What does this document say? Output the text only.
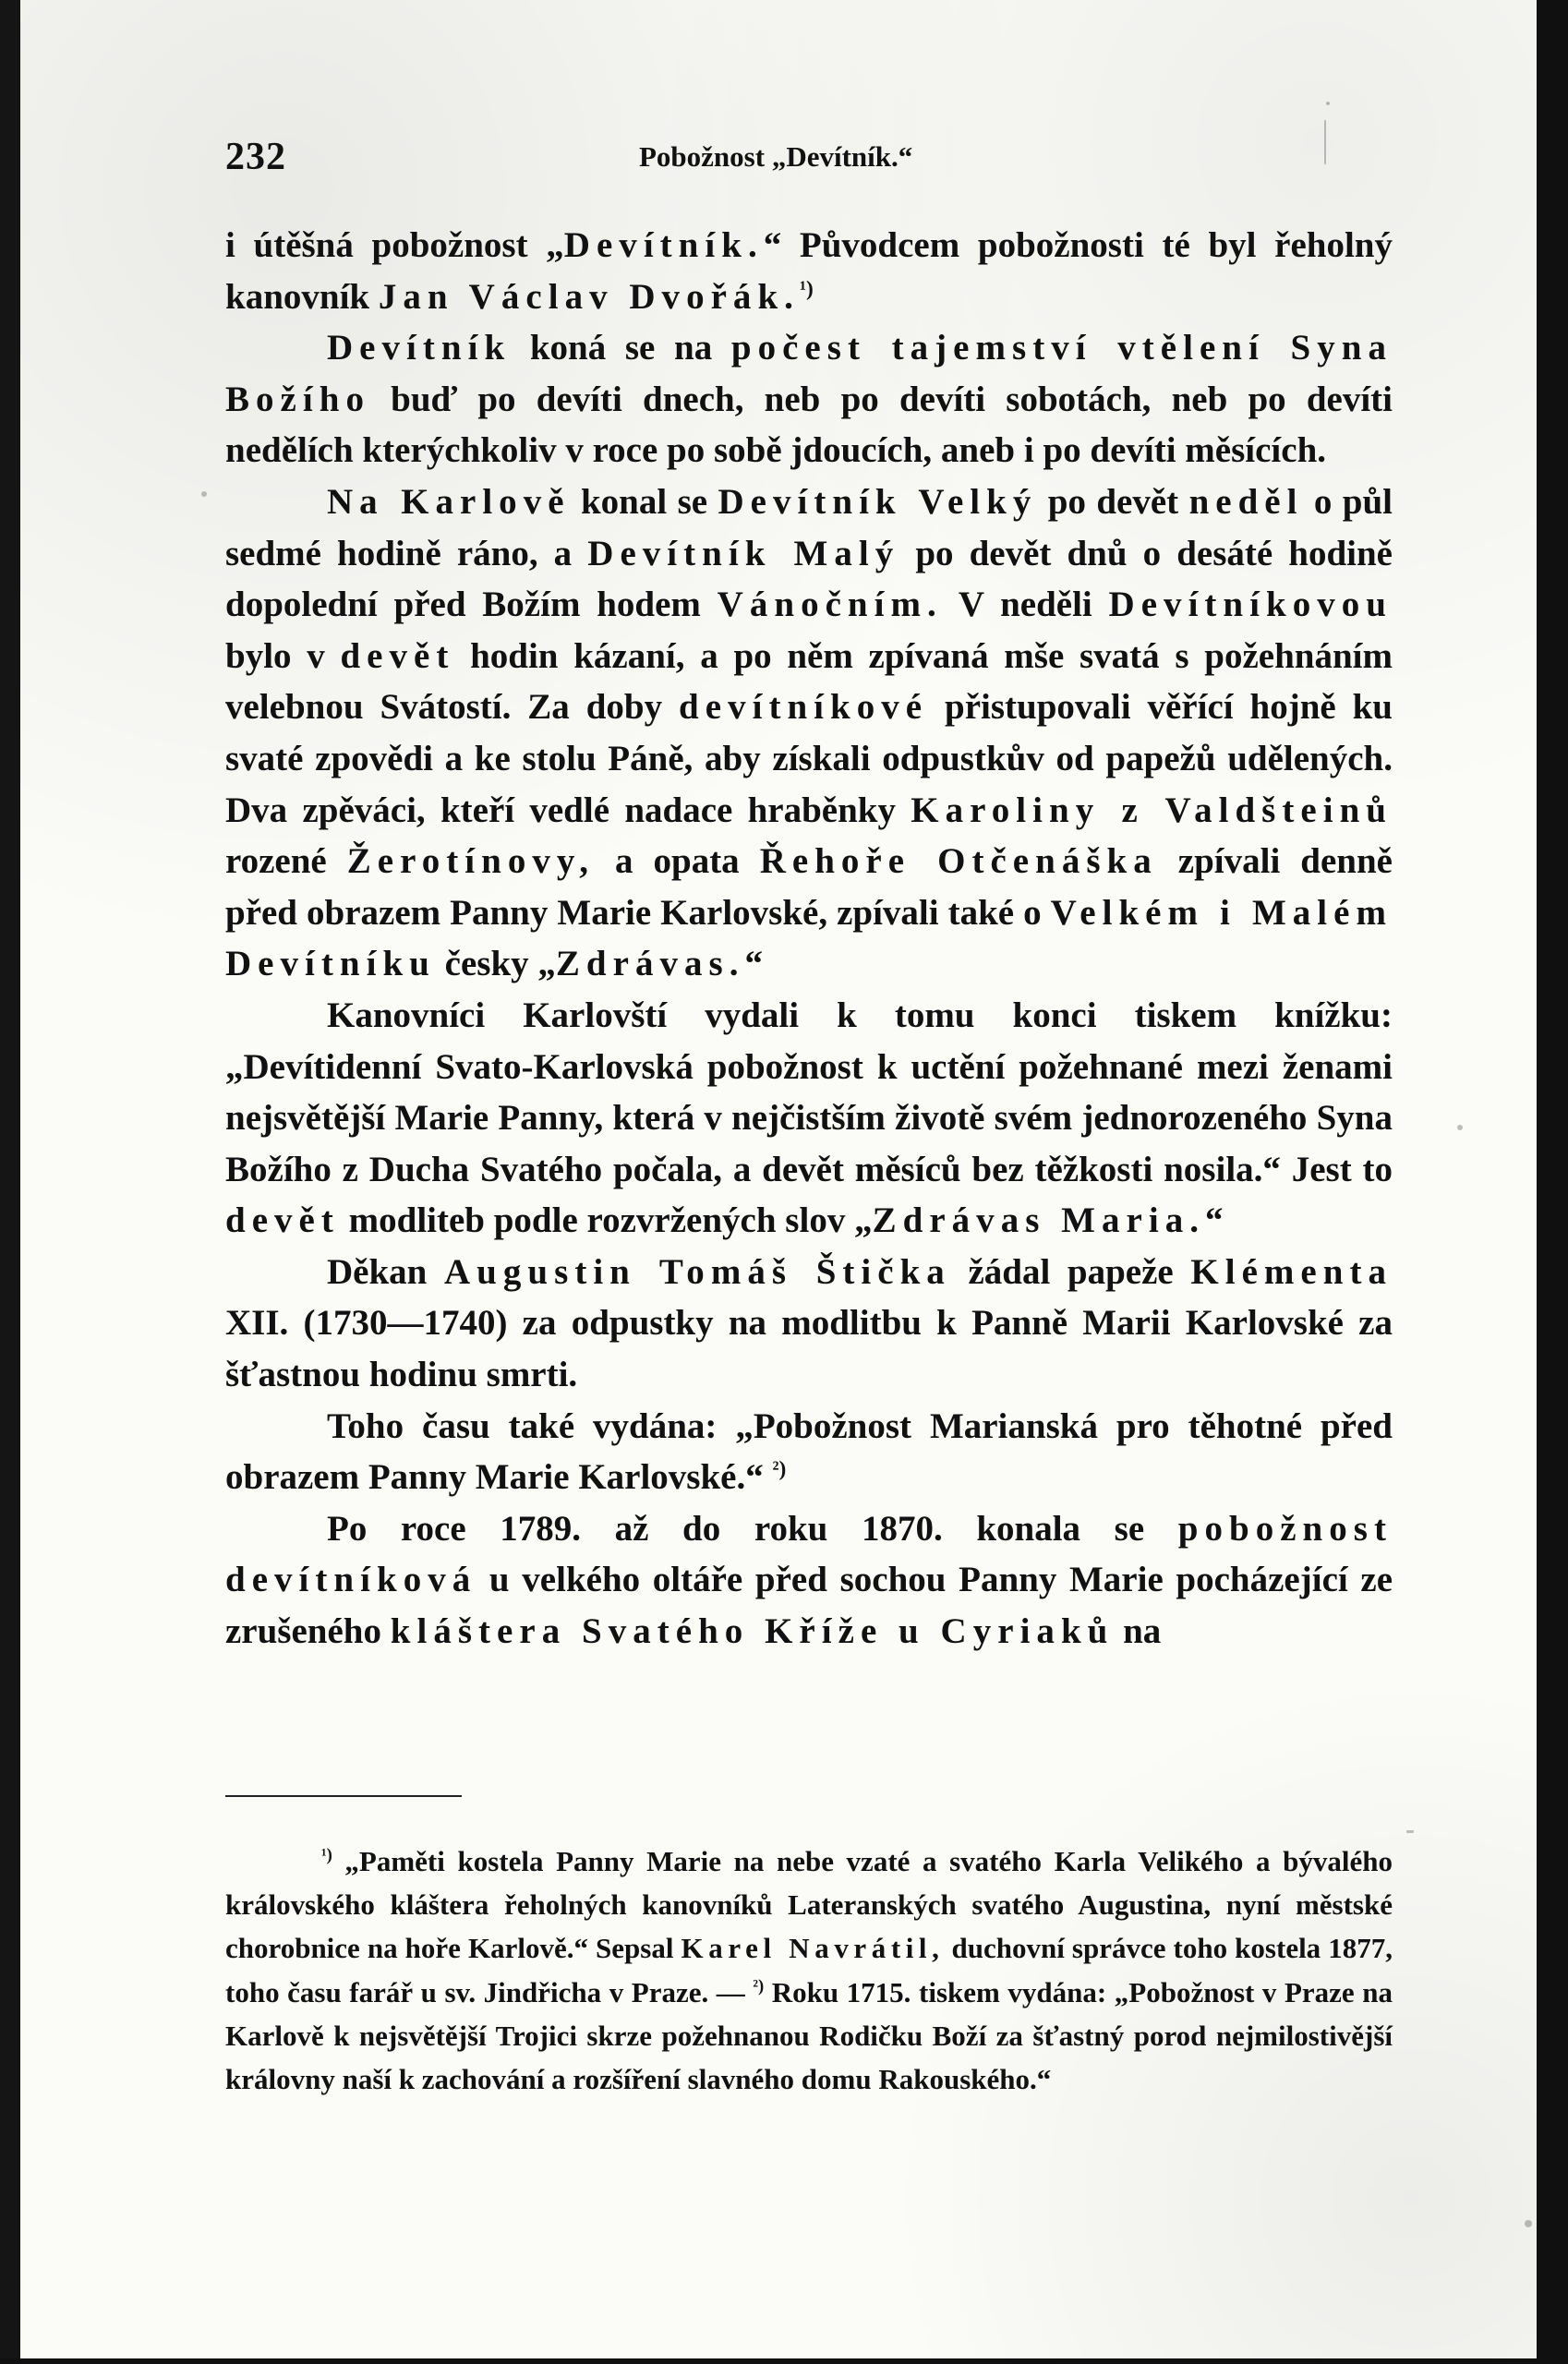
232	Pobožnost „Devítník.“

i útěšná pobožnost „Devítník.“ Původcem pobožnosti té byl řeholný kanovník Jan Václav Dvořák.$^{^1)}$

Devítník koná se na počest tajemství vtělení Syna Božího buď po devíti dnech, neb po devíti sobotách, neb po devíti nedělích kterýchkoliv v roce po sobě jdoucích, aneb i po devíti měsících.

Na Karlově konal se Devítník Velký po devět neděl o půl sedmé hodině ráno, a Devítník Malý po devět dnů o desáté hodině dopolední před Božím hodem Vánočním. V neděli Devítníkovou bylo v devět hodin kázaní, a po něm zpívaná mše svatá s požehnáním velebnou Svátostí. Za doby devítníkové přistupovali věřící hojně ku svaté zpovědi a ke stolu Páně, aby získali odpustkův od papežů udělených. Dva zpěváci, kteří vedlé nadace hraběnky Karoliny z Valdšteinů rozené Žerotínovy, a opata Řehoře Otčenáška zpívali denně před obrazem Panny Marie Karlovské, zpívali také o Velkém i Malém Devítníku česky „Zdrávas.“

Kanovníci Karlovští vydali k tomu konci tiskem knížku: „Devítidenní Svato-Karlovská pobožnost k uctění požehnané mezi ženami nejsvětější Marie Panny, která v nejčistším životě svém jednorozeného Syna Božího z Ducha Svatého počala, a devět měsíců bez těžkosti nosila.“ Jest to devět modliteb podle rozvržených slov „Zdrávas Maria.“

Děkan Augustin Tomáš Štička žádal papeže Klémenta XII. (1730—1740) za odpustky na modlitbu k Panně Marii Karlovské za šťastnou hodinu smrti.

Toho času také vydána: „Pobožnost Marianská pro těhotné před obrazem Panny Marie Karlovské.“ $^{^2)}$

Po roce 1789. až do roku 1870. konala se pobožnost devítníková u velkého oltáře před sochou Panny Marie pocházející ze zrušeného kláštera Svatého Kříže u Cyriaků na

$^{^1)}$ „Paměti kostela Panny Marie na nebe vzaté a svatého Karla Velikého a bývalého královského kláštera řeholných kanovníků Lateranských svatého Augustina, nyní městské chorobnice na hoře Karlově.“ Sepsal Karel Navrátil, duchovní správce toho kostela 1877, toho času farář u sv. Jindřicha v Praze. — $^{^2)}$ Roku 1715. tiskem vydána: „Pobožnost v Praze na Karlově k nejsvětější Trojici skrze požehnanou Rodičku Boží za šťastný porod nejmilostivější královny naší k zachování a rozšíření slavného domu Rakouského.“
